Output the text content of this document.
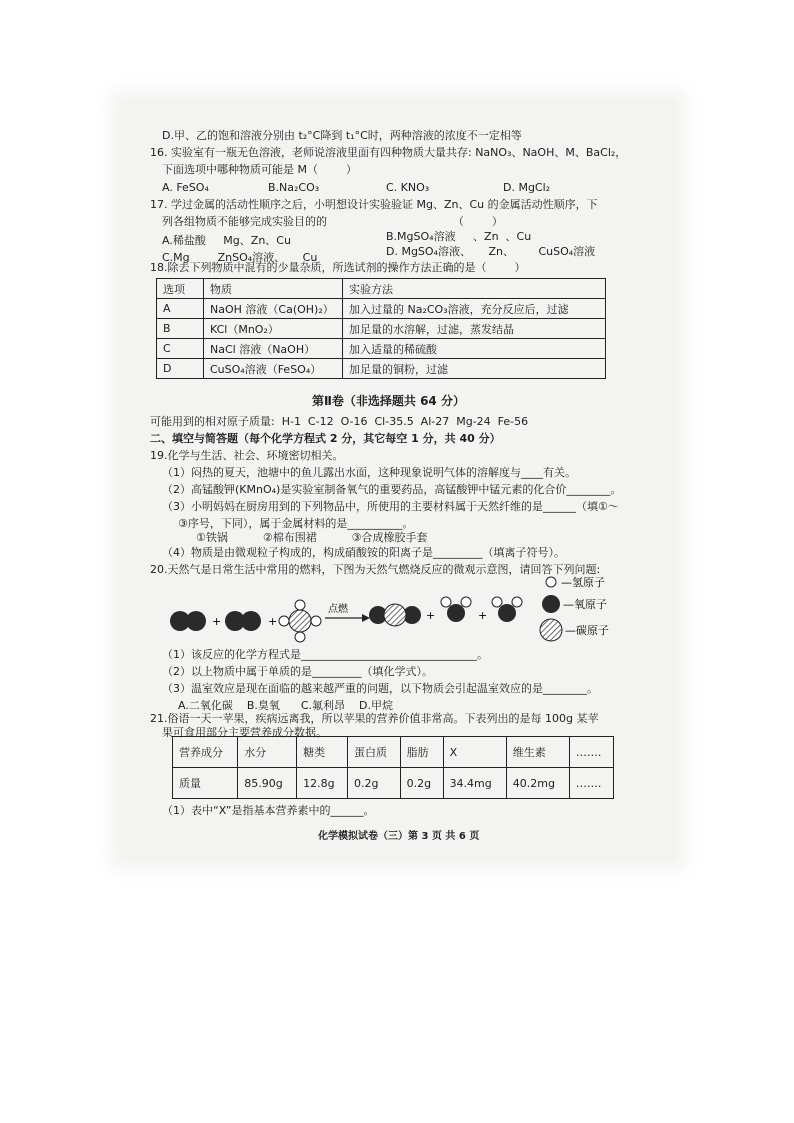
D.甲、乙的饱和溶液分别由 t₂°C降到 t₁°C时，两种溶液的浓度不一定相等
16. 实验室有一瓶无色溶液，老师说溶液里面有四种物质大量共存: NaNO₃、NaOH、M、BaCl₂，
下面选项中哪种物质可能是 M（        ）
A. FeSO₄	B.Na₂CO₃	C. KNO₃	D. MgCl₂
17. 学过金属的活动性顺序之后，小明想设计实验验证 Mg、Zn、Cu 的金属活动性顺序，下
列各组物质不能够完成实验目的的                                    （        ）
A.稀盐酸     Mg、Zn、Cu	B.MgSO₄溶液     、Zn  、Cu
C.Mg        ZnSO₄溶液、     Cu	D. MgSO₄溶液、     Zn、       CuSO₄溶液
18.除去下列物质中混有的少量杂质，所选试剂的操作方法正确的是（        ）
选项	物质	实验方法
A	NaOH 溶液（Ca(OH)₂）	加入过量的 Na₂CO₃溶液，充分反应后，过滤
B	KCl（MnO₂）	加足量的水溶解，过滤，蒸发结晶
C	NaCl 溶液（NaOH）	加入适量的稀硫酸
D	CuSO₄溶液（FeSO₄）	加足量的铜粉，过滤
第Ⅱ卷（非选择题共 64 分）
可能用到的相对原子质量:  H-1  C-12  O-16  Cl-35.5  Al-27  Mg-24  Fe-56
二、填空与简答题（每个化学方程式 2 分，其它每空 1 分，共 40 分）
19.化学与生活、社会、环境密切相关。
（1）闷热的夏天，池塘中的鱼儿露出水面，这种现象说明气体的溶解度与____有关。
（2）高锰酸钾(KMnO₄)是实验室制备氧气的重要药品，高锰酸钾中锰元素的化合价________。
（3）小明妈妈在厨房用到的下列物品中，所使用的主要材料属于天然纤维的是______（填①～
③序号，下同），属于金属材料的是__________。
①铁锅          ②棉布围裙          ③合成橡胶手套
（4）物质是由微观粒子构成的，构成硝酸铵的阳离子是_________（填离子符号）。
20.天然气是日常生活中常用的燃料，下图为天然气燃烧反应的微观示意图，请回答下列问题:
+	+
点燃	+	+
—氢原子
—氧原子
—碳原子
（1）该反应的化学方程式是________________________________。
（2）以上物质中属于单质的是_________（填化学式）。
（3）温室效应是现在面临的越来越严重的问题，以下物质会引起温室效应的是________。
A.二氧化碳    B.臭氧      C.氟利昂    D.甲烷
21.俗语一天一苹果，疾病远离我，所以苹果的营养价值非常高。下表列出的是每 100g 某苹
果可食用部分主要营养成分数据。
营养成分	水分	糖类	蛋白质	脂肪	X	维生素	…….
质量	85.90g	12.8g	0.2g	0.2g	34.4mg	40.2mg	…….
（1）表中“X”是指基本营养素中的______。
化学模拟试卷（三）第 3 页 共 6 页
